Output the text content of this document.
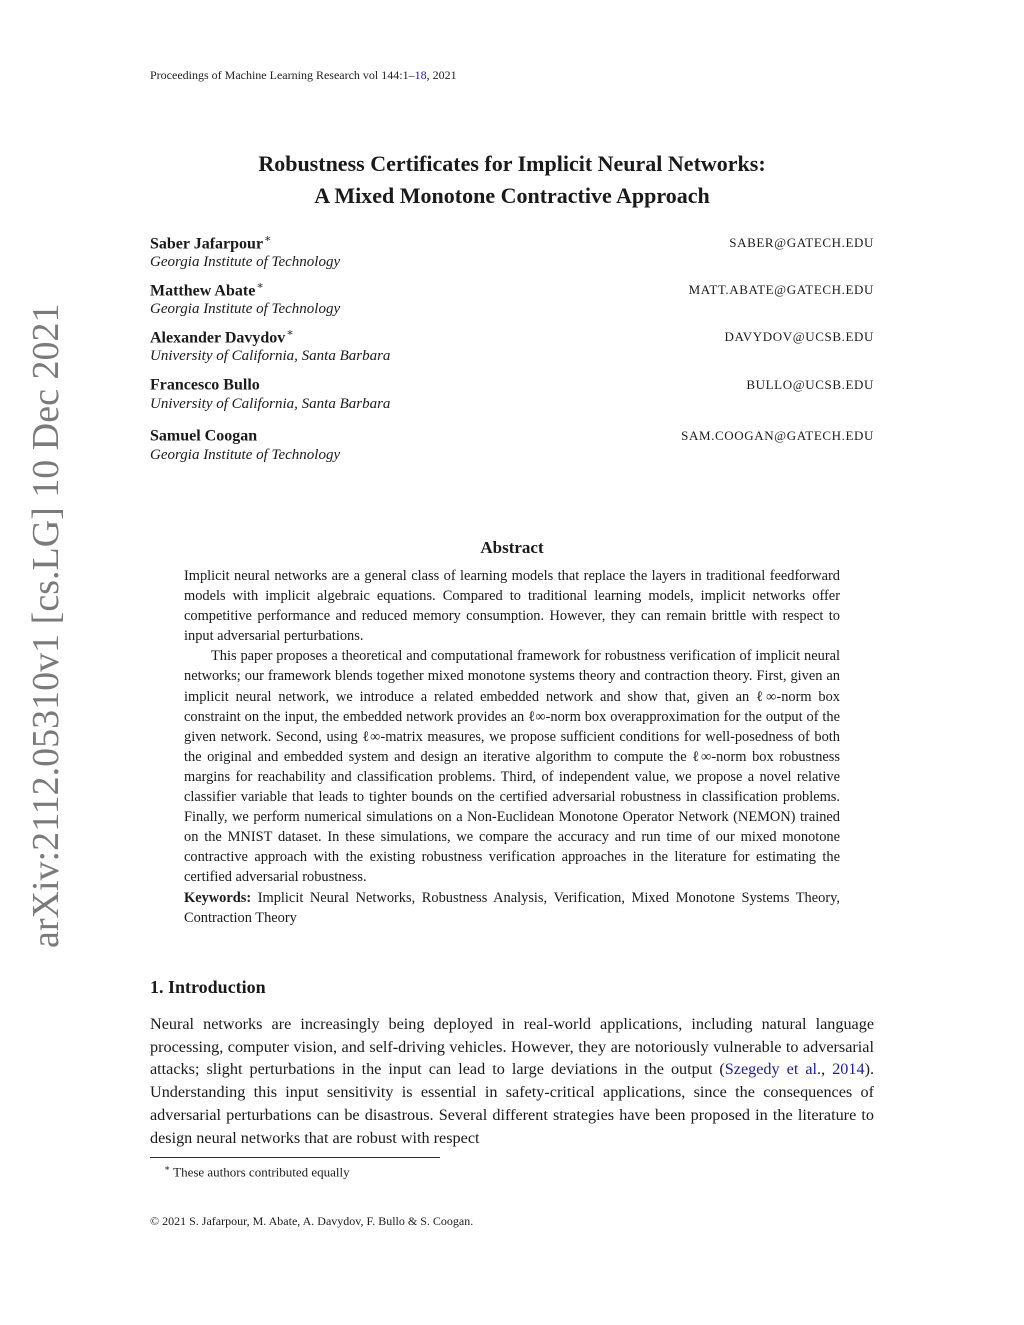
Proceedings of Machine Learning Research vol 144:1–18, 2021
arXiv:2112.05310v1 [cs.LG] 10 Dec 2021
Robustness Certificates for Implicit Neural Networks:
A Mixed Monotone Contractive Approach
Saber Jafarpour∗	SABER@GATECH.EDU
Georgia Institute of Technology
Matthew Abate∗	MATT.ABATE@GATECH.EDU
Georgia Institute of Technology
Alexander Davydov∗	DAVYDOV@UCSB.EDU
University of California, Santa Barbara
Francesco Bullo	BULLO@UCSB.EDU
University of California, Santa Barbara
Samuel Coogan	SAM.COOGAN@GATECH.EDU
Georgia Institute of Technology
Abstract

Implicit neural networks are a general class of learning models that replace the layers in traditional feedforward models with implicit algebraic equations. Compared to traditional learning models, implicit networks offer competitive performance and reduced memory consumption. However, they can remain brittle with respect to input adversarial perturbations.

This paper proposes a theoretical and computational framework for robustness verification of implicit neural networks; our framework blends together mixed monotone systems theory and contraction theory. First, given an implicit neural network, we introduce a related embedded network and show that, given an ℓ∞-norm box constraint on the input, the embedded network provides an ℓ∞-norm box overapproximation for the output of the given network. Second, using ℓ∞-matrix measures, we propose sufficient conditions for well-posedness of both the original and embedded system and design an iterative algorithm to compute the ℓ∞-norm box robustness margins for reachability and classification problems. Third, of independent value, we propose a novel relative classifier variable that leads to tighter bounds on the certified adversarial robustness in classification problems. Finally, we perform numerical simulations on a Non-Euclidean Monotone Operator Network (NEMON) trained on the MNIST dataset. In these simulations, we compare the accuracy and run time of our mixed monotone contractive approach with the existing robustness verification approaches in the literature for estimating the certified adversarial robustness.

Keywords: Implicit Neural Networks, Robustness Analysis, Verification, Mixed Monotone Systems Theory, Contraction Theory

1. Introduction

Neural networks are increasingly being deployed in real-world applications, including natural language processing, computer vision, and self-driving vehicles. However, they are notoriously vulnerable to adversarial attacks; slight perturbations in the input can lead to large deviations in the output (Szegedy et al., 2014). Understanding this input sensitivity is essential in safety-critical applications, since the consequences of adversarial perturbations can be disastrous. Several different strategies have been proposed in the literature to design neural networks that are robust with respect

∗ These authors contributed equally
© 2021 S. Jafarpour, M. Abate, A. Davydov, F. Bullo & S. Coogan.
